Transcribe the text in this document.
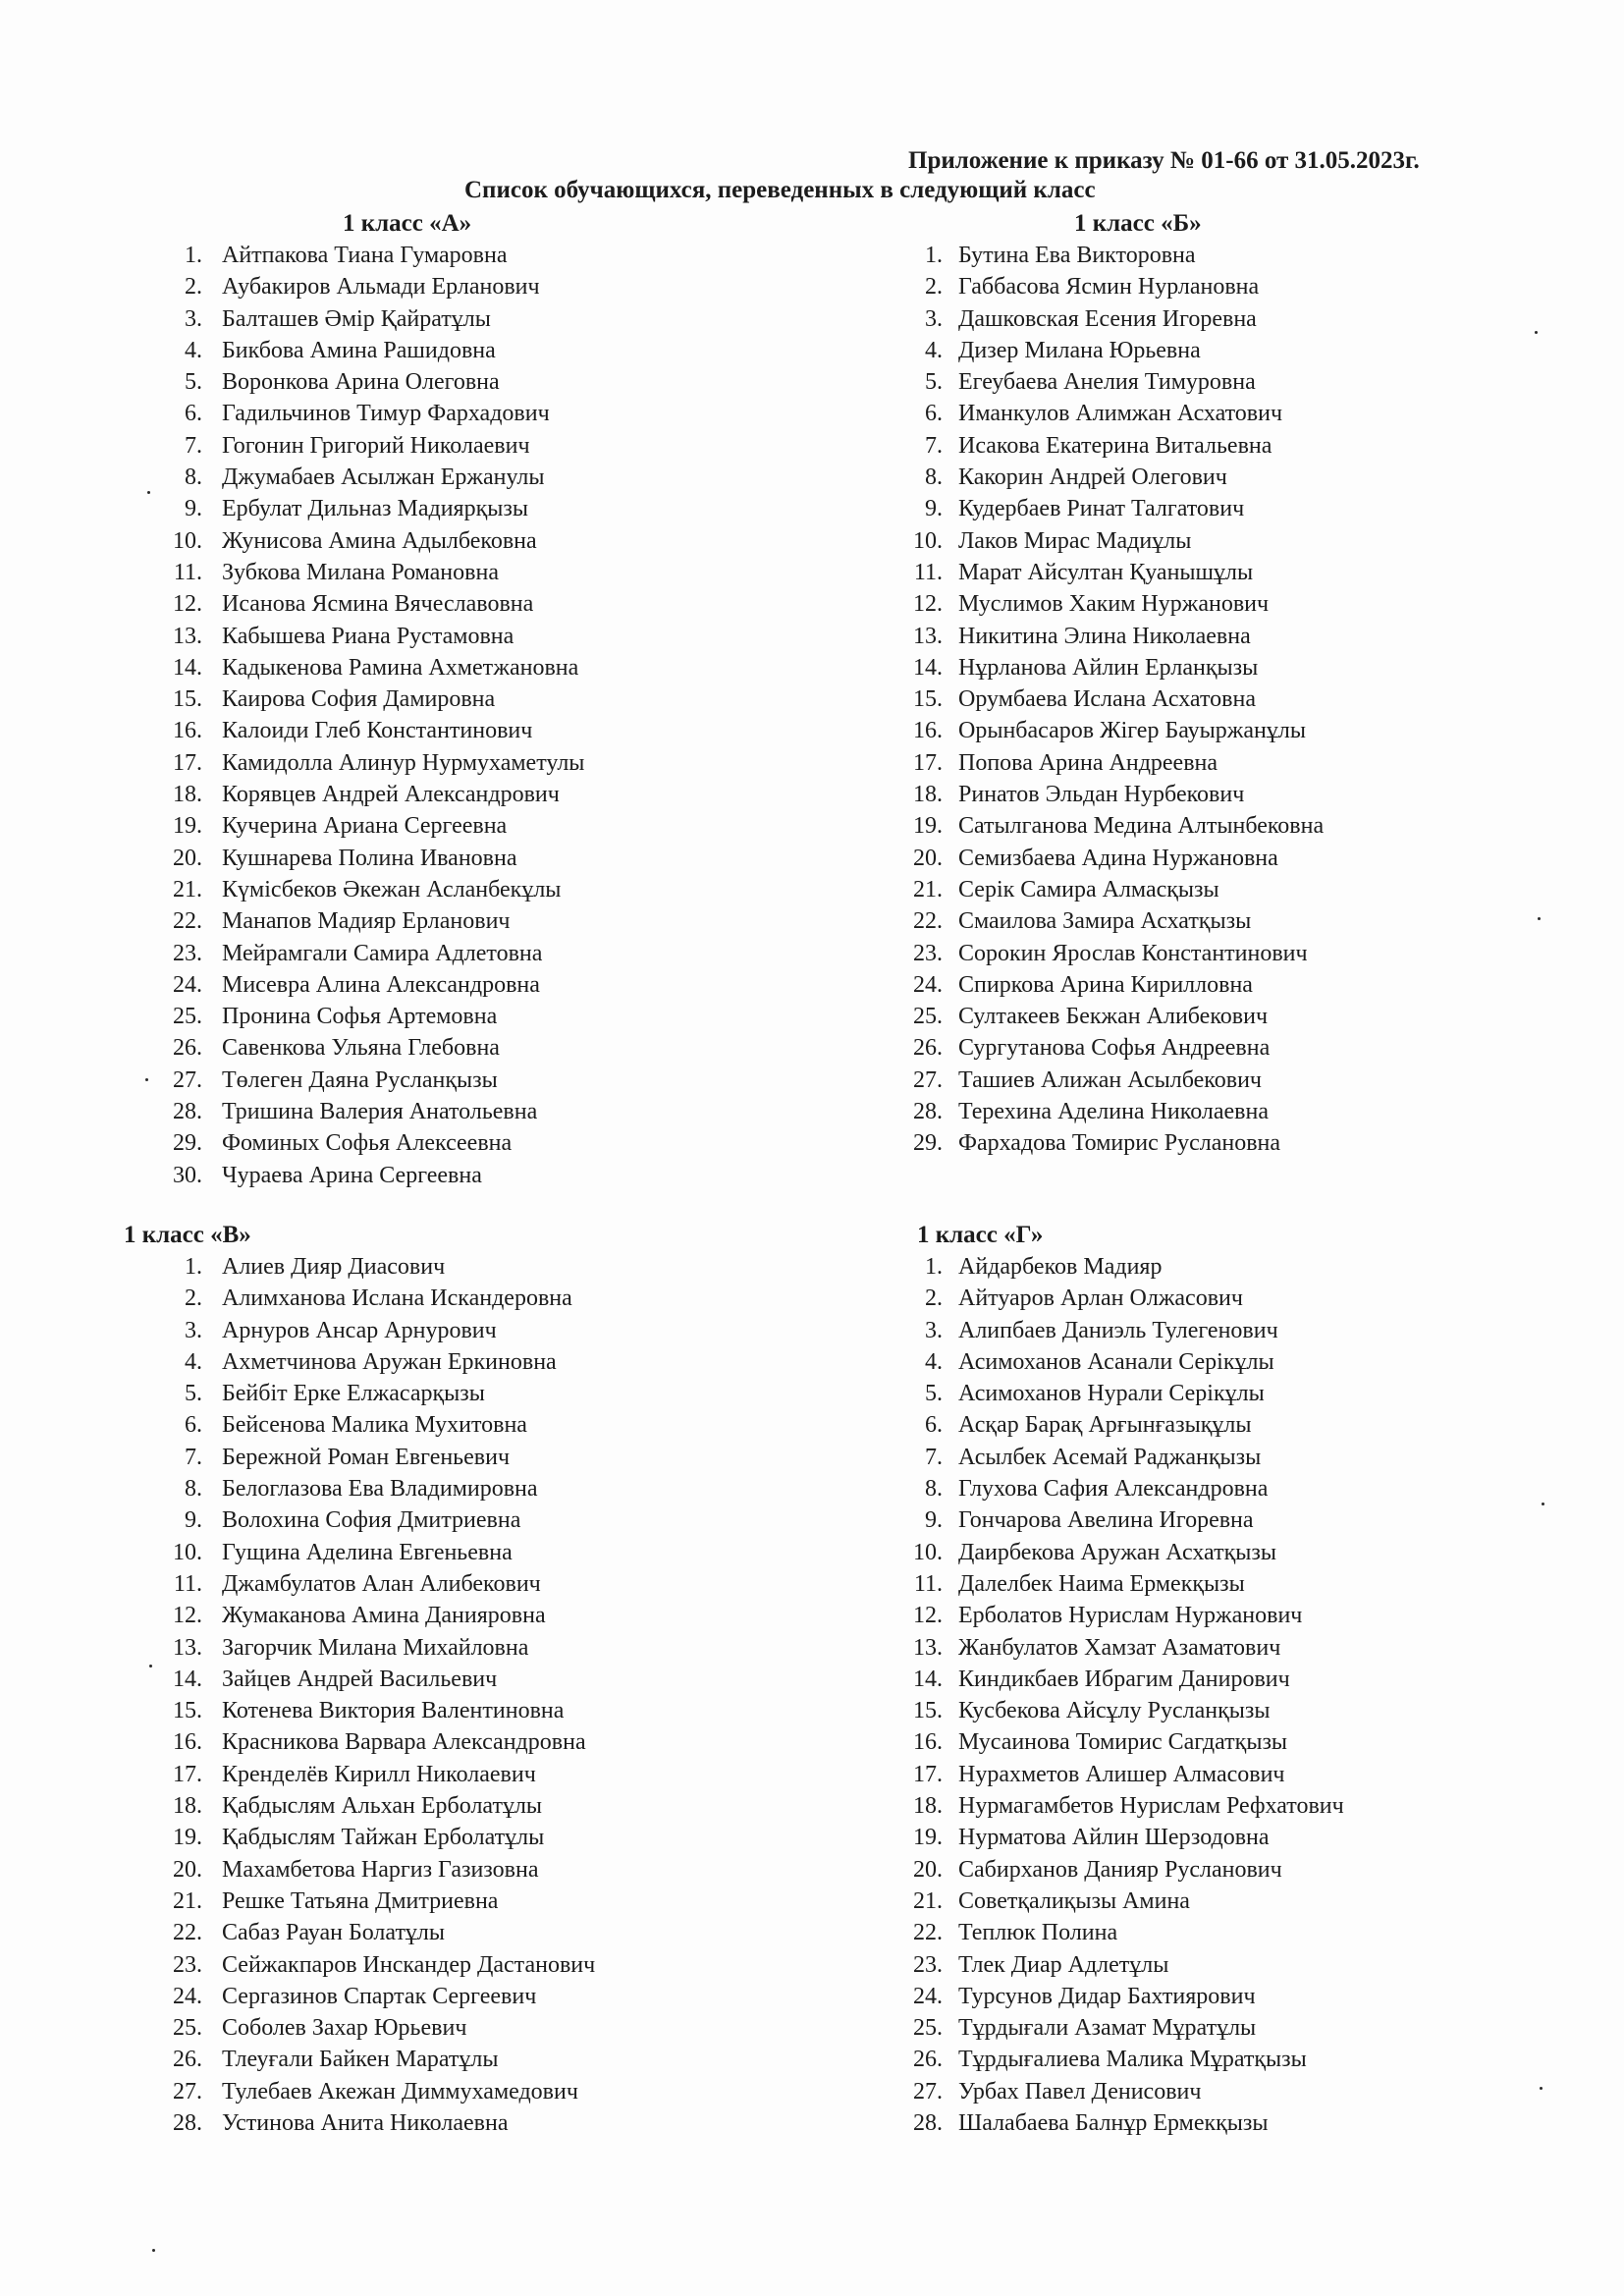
Приложение к приказу № 01-66 от 31.05.2023г.
Список обучающихся, переведенных в следующий класс
1 класс «А»
1. Айтпакова Тиана Гумаровна
2. Аубакиров Альмади Ерланович
3. Балташев Әмір Қайратұлы
4. Бикбова Амина Рашидовна
5. Воронкова Арина Олеговна
6. Гадильчинов Тимур Фархадович
7. Гогонин Григорий Николаевич
8. Джумабаев Асылжан Ержанулы
9. Ербулат Дильназ Мадиярқызы
10. Жунисова Амина Адылбековна
11. Зубкова Милана Романовна
12. Исанова Ясмина Вячеславовна
13. Кабышева Риана Рустамовна
14. Кадыкенова Рамина Ахметжановна
15. Каирова София Дамировна
16. Калоиди Глеб Константинович
17. Камидолла Алинур Нурмухаметулы
18. Корявцев Андрей Александрович
19. Кучерина Ариана Сергеевна
20. Кушнарева Полина Ивановна
21. Күмісбеков Әкежан Асланбекұлы
22. Манапов Мадияр Ерланович
23. Мейрамгали Самира Адлетовна
24. Мисевра Алина Александровна
25. Пронина Софья Артемовна
26. Савенкова Ульяна Глебовна
27. Төлеген Даяна Русланқызы
28. Тришина Валерия Анатольевна
29. Фоминых Софья Алексеевна
30. Чураева Арина Сергеевна
1 класс «Б»
1. Бутина Ева Викторовна
2. Габбасова Ясмин Нурлановна
3. Дашковская Есения Игоревна
4. Дизер Милана Юрьевна
5. Егеубаева Анелия Тимуровна
6. Иманкулов Алимжан Асхатович
7. Исакова Екатерина Витальевна
8. Какорин Андрей Олегович
9. Кудербаев Ринат Талгатович
10. Лаков Мирас Мадиұлы
11. Марат Айсултан Қуанышұлы
12. Муслимов Хаким Нуржанович
13. Никитина Элина Николаевна
14. Нұрланова Айлин Ерланқызы
15. Орумбаева Ислана Асхатовна
16. Орынбасаров Жігер Бауыржанұлы
17. Попова Арина Андреевна
18. Ринатов Эльдан Нурбекович
19. Сатылганова Медина Алтынбековна
20. Семизбаева Адина Нуржановна
21. Серік Самира Алмасқызы
22. Смаилова Замира Асхатқызы
23. Сорокин Ярослав Константинович
24. Спиркова Арина Кирилловна
25. Султакеев Бекжан Алибекович
26. Сургутанова Софья Андреевна
27. Ташиев Алижан Асылбекович
28. Терехина Аделина Николаевна
29. Фархадова Томирис Руслановна
1 класс «В»
1. Алиев Дияр Диасович
2. Алимханова Ислана Искандеровна
3. Арнуров Ансар Арнурович
4. Ахметчинова Аружан Еркиновна
5. Бейбіт Ерке Елжасарқызы
6. Бейсенова Малика Мухитовна
7. Бережной Роман Евгеньевич
8. Белоглазова Ева Владимировна
9. Волохина София Дмитриевна
10. Гущина Аделина Евгеньевна
11. Джамбулатов Алан Алибекович
12. Жумаканова Амина Данияровна
13. Загорчик Милана Михайловна
14. Зайцев Андрей Васильевич
15. Котенева Виктория Валентиновна
16. Красникова Варвара Александровна
17. Кренделёв Кирилл Николаевич
18. Қабдыслям Альхан Ерболатұлы
19. Қабдыслям Тайжан Ерболатұлы
20. Махамбетова Наргиз Газизовна
21. Решке Татьяна Дмитриевна
22. Сабаз Рауан Болатұлы
23. Сейжакпаров Инскандер Дастанович
24. Сергазинов Спартак Сергеевич
25. Соболев Захар Юрьевич
26. Тлеуғали Байкен Маратұлы
27. Тулебаев Акежан Диммухамедович
28. Устинова Анита Николаевна
1 класс «Г»
1. Айдарбеков Мадияр
2. Айтуаров Арлан Олжасович
3. Алипбаев Даниэль Тулегенович
4. Асимоханов Асанали Серікұлы
5. Асимоханов Нурали Серікұлы
6. Асқар Барақ Арғынғазықұлы
7. Асылбек Асемай Раджанқызы
8. Глухова Сафия Александровна
9. Гончарова Авелина Игоревна
10. Даирбекова Аружан Асхатқызы
11. Далелбек Наима Ермекқызы
12. Ерболатов Нурислам Нуржанович
13. Жанбулатов Хамзат Азаматович
14. Киндикбаев Ибрагим Данирович
15. Кусбекова Айсұлу Русланқызы
16. Мусаинова Томирис Сагдатқызы
17. Нурахметов Алишер Алмасович
18. Нурмагамбетов Нурислам Рефхатович
19. Нурматова Айлин Шерзодовна
20. Сабирханов Данияр Русланович
21. Советқалиқызы Амина
22. Теплюк Полина
23. Тлек Диар Адлетұлы
24. Турсунов Дидар Бахтиярович
25. Тұрдығали Азамат Мұратұлы
26. Тұрдығалиева Малика Мұратқызы
27. Урбах Павел Денисович
28. Шалабаева Балнұр Ермекқызы
